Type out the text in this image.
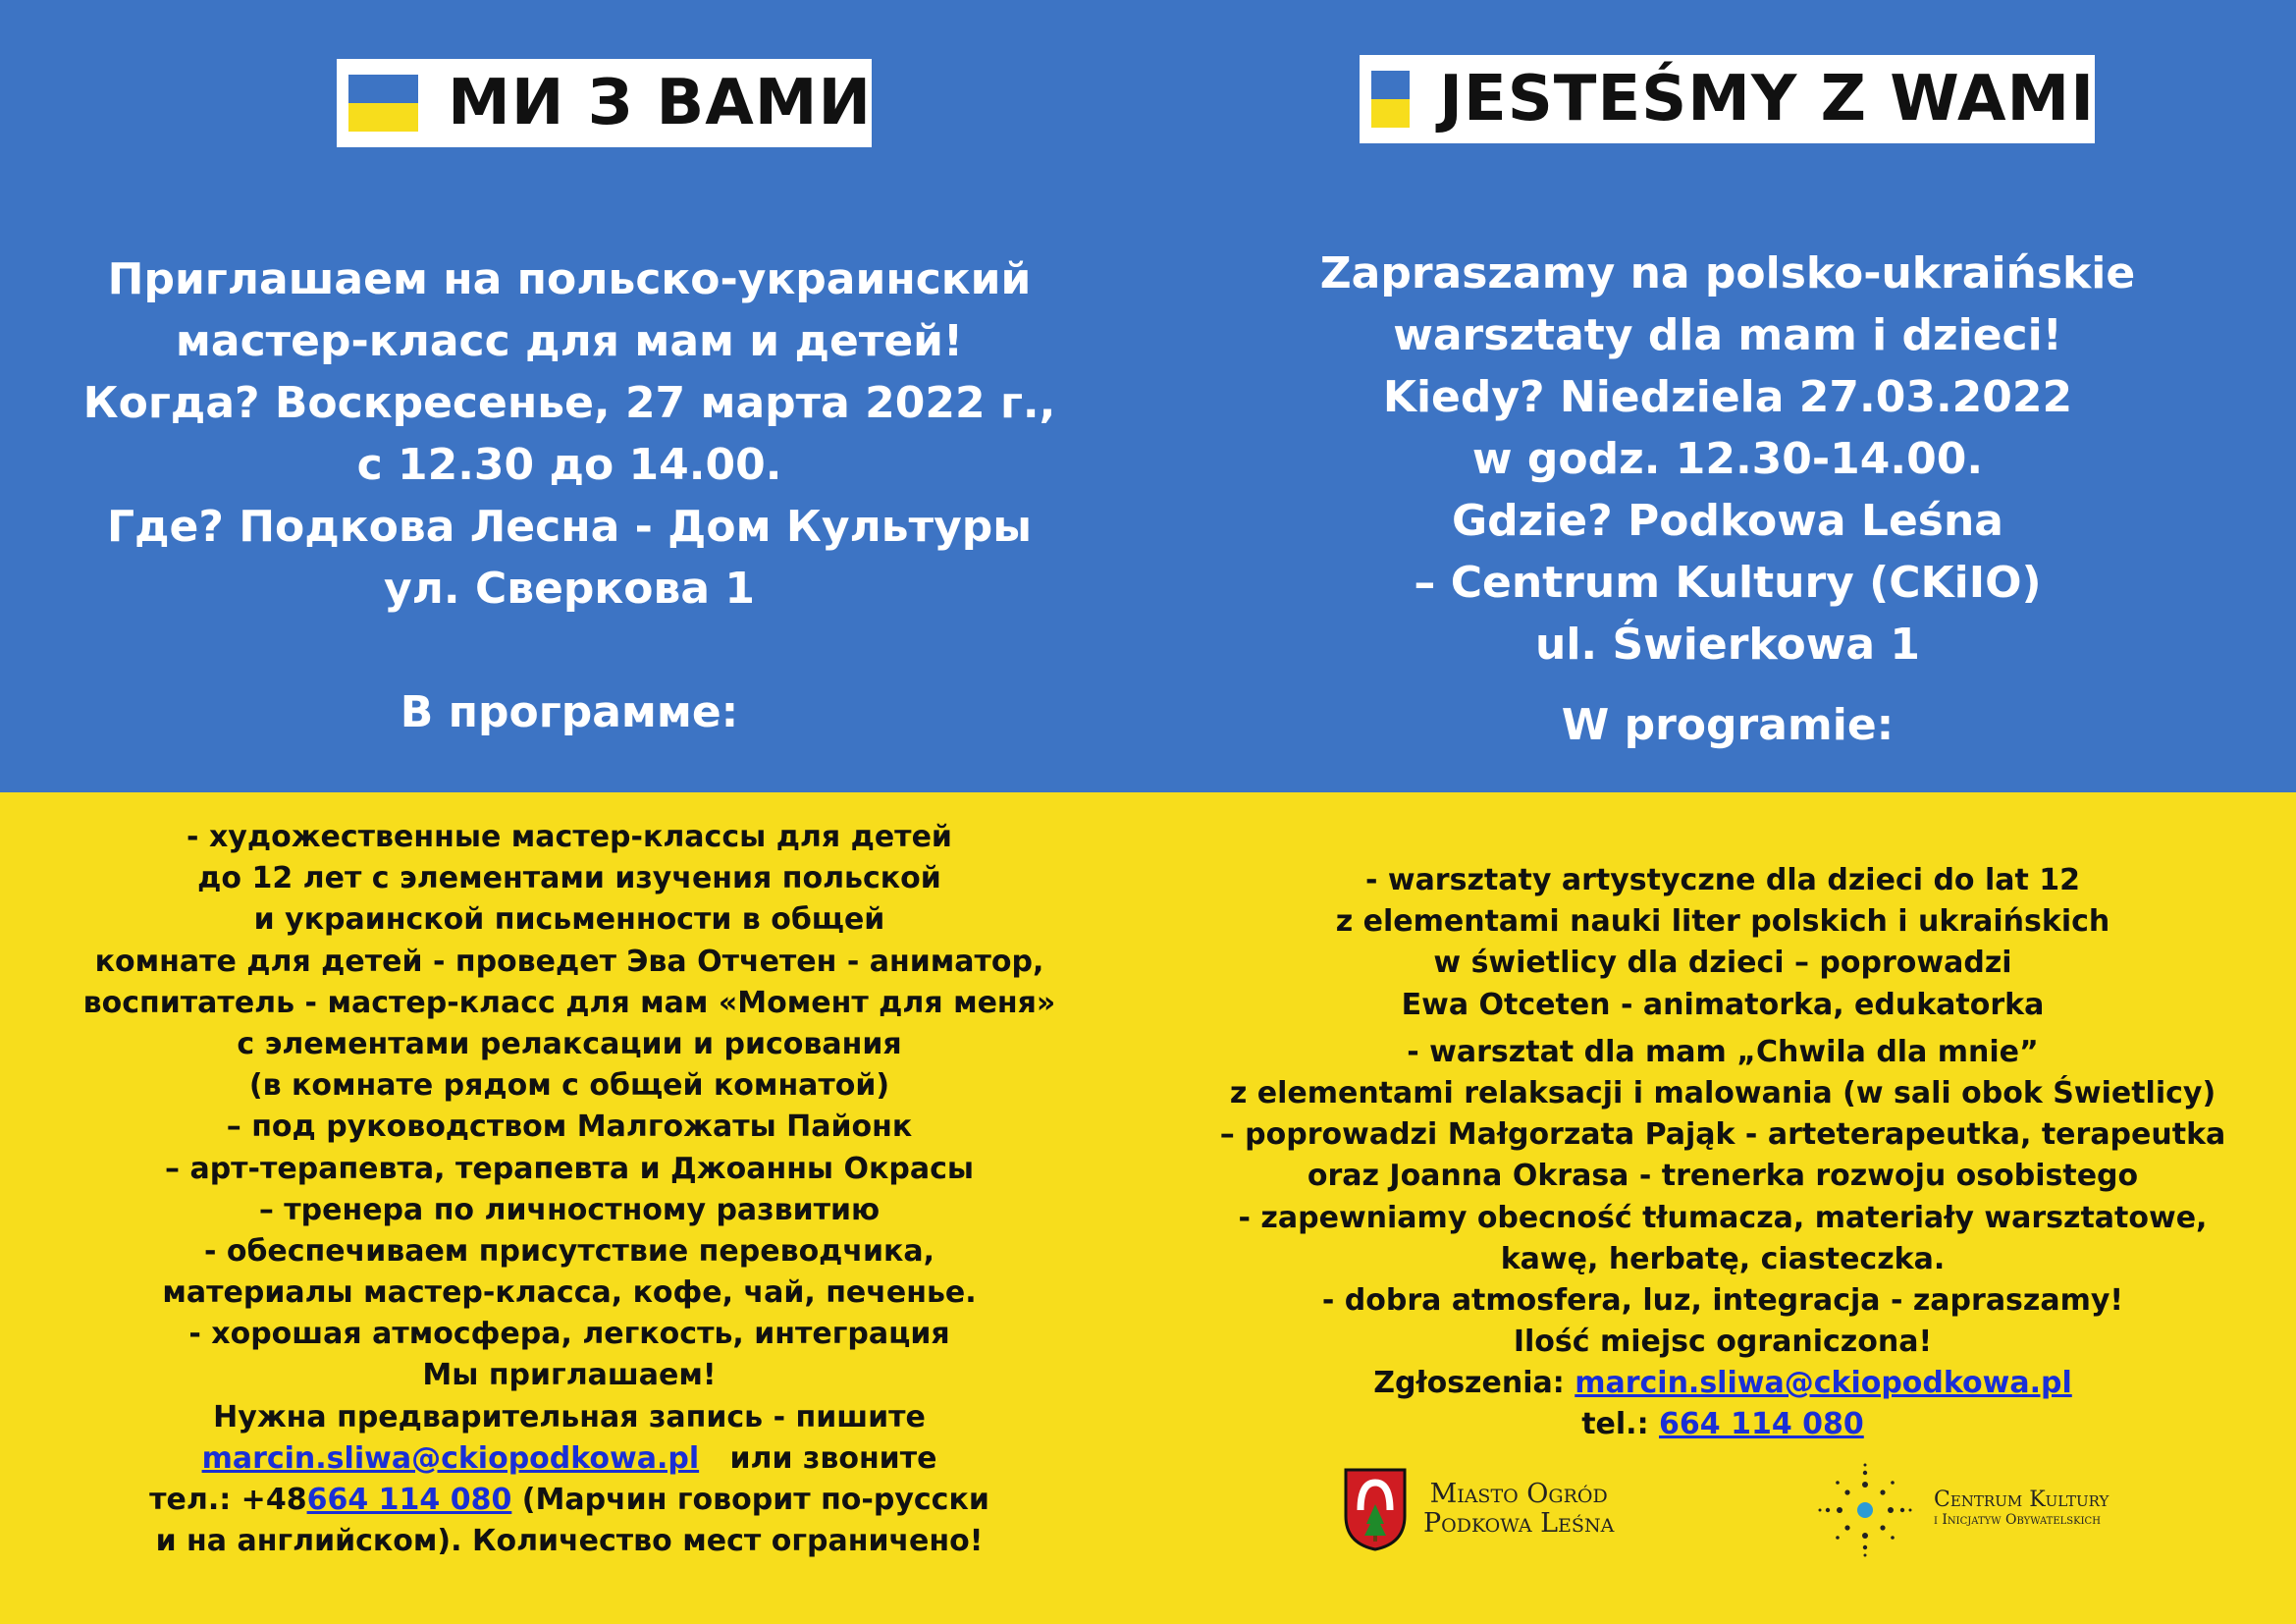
МИ З ВАМИ	JESTEŚMY Z WAMI
Приглашаем на польско-украинский
мастер-класс для мам и детей!
Когда? Воскресенье, 27 марта 2022 г.,
с 12.30 до 14.00.
Где? Подкова Лесна - Дом Культуры
ул. Сверкова 1
Zapraszamy na polsko-ukraińskie
warsztaty dla mam i dzieci!
Kiedy? Niedziela 27.03.2022
w godz. 12.30-14.00.
Gdzie? Podkowa Leśna
– Centrum Kultury (CKiIO)
ul. Świerkowa 1
В программе:	W programie:
- художественные мастер-классы для детей
до 12 лет с элементами изучения польской
и украинской письменности в общей
комнате для детей - проведет Эва Отчетен - аниматор,
воспитатель - мастер-класс для мам «Момент для меня»
с элементами релаксации и рисования
(в комнате рядом с общей комнатой)
– под руководством Малгожаты Пайонк
– арт-терапевта, терапевта и Джоанны Окрасы
– тренера по личностному развитию
- обеспечиваем присутствие переводчика,
материалы мастер-класса, кофе, чай, печенье.
- хорошая атмосфера, легкость, интеграция
Мы приглашаем!
Нужна предварительная запись - пишите
marcin.sliwa@ckiopodkowa.pl или звоните
тел.: +48664 114 080 (Марчин говорит по-русски
и на английском). Количество мест ограничено!
- warsztaty artystyczne dla dzieci do lat 12
z elementami nauki liter polskich i ukraińskich
w świetlicy dla dzieci – poprowadzi
Ewa Otceten - animatorka, edukatorka
- warsztat dla mam „Chwila dla mnie”
z elementami relaksacji i malowania (w sali obok Świetlicy)
– poprowadzi Małgorzata Pająk - arteterapeutka, terapeutka
oraz Joanna Okrasa - trenerka rozwoju osobistego
- zapewniamy obecność tłumacza, materiały warsztatowe,
kawę, herbatę, ciasteczka.
- dobra atmosfera, luz, integracja - zapraszamy!
Ilość miejsc ograniczona!
Zgłoszenia: marcin.sliwa@ckiopodkowa.pl
tel.: 664 114 080
Miasto Ogród
Podkowa Leśna
Centrum Kultury
i Inicjatyw Obywatelskich
